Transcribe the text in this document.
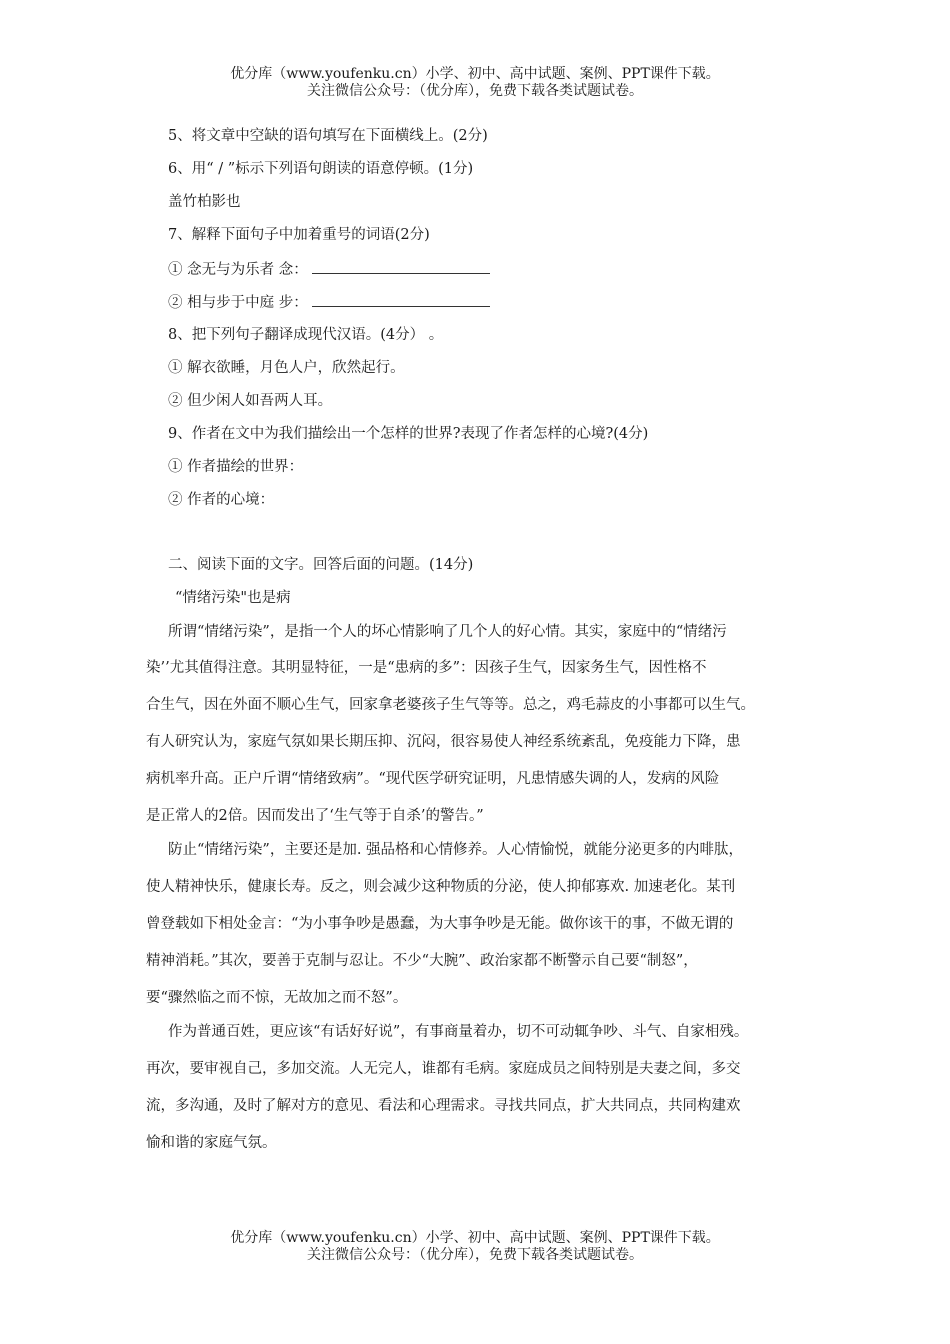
优分库（www.youfenku.cn）小学、初中、高中试题、案例、PPT课件下载。
关注微信公众号：（优分库），免费下载各类试题试卷。
5、将文章中空缺的语句填写在下面横线上。(2分)
6、用“ / ”标示下列语句朗读的语意停顿。(1分)
盖竹柏影也
7、解释下面句子中加着重号的词语(2分)
① 念无与为乐者 念：
② 相与步于中庭 步：
8、把下列句子翻译成现代汉语。(4分） 。
① 解衣欲睡，月色人户，欣然起行。
② 但少闲人如吾两人耳。
9、作者在文中为我们描绘出一个怎样的世界?表现了作者怎样的心境?(4分)
① 作者描绘的世界：
② 作者的心境：
二、阅读下面的文字。回答后面的问题。(14分)
“情绪污染"也是病
所谓“情绪污染”，是指一个人的坏心情影响了几个人的好心情。其实，家庭中的“情绪污
染’’尤其值得注意。其明显特征，一是“患病的多”：因孩子生气，因家务生气，因性格不
合生气，因在外面不顺心生气，回家拿老婆孩子生气等等。总之，鸡毛蒜皮的小事都可以生气。
有人研究认为，家庭气氛如果长期压抑、沉闷，很容易使人神经系统紊乱，免疫能力下降，患
病机率升高。正户斤谓“情绪致病”。“现代医学研究证明，凡患情感失调的人，发病的风险
是正常人的2倍。因而发出了‘生气等于自杀’的警告。”
防止“情绪污染”，主要还是加. 强品格和心情修养。人心情愉悦，就能分泌更多的内啡肽，
使人精神快乐，健康长寿。反之，则会减少这种物质的分泌，使人抑郁寡欢. 加速老化。某刊
曾登载如下相处金言：“为小事争吵是愚蠢，为大事争吵是无能。做你该干的事，不做无谓的
精神消耗。”其次，要善于克制与忍让。不少“大腕”、政治家都不断警示自己要“制怒”，
要“骤然临之而不惊，无故加之而不怒”。
作为普通百姓，更应该“有话好好说”，有事商量着办，切不可动辄争吵、斗气、自家相残。
再次，要审视自己，多加交流。人无完人，谁都有毛病。家庭成员之间特别是夫妻之间，多交
流，多沟通，及时了解对方的意见、看法和心理需求。寻找共同点，扩大共同点，共同构建欢
愉和谐的家庭气氛。
优分库（www.youfenku.cn）小学、初中、高中试题、案例、PPT课件下载。
关注微信公众号：（优分库），免费下载各类试题试卷。
